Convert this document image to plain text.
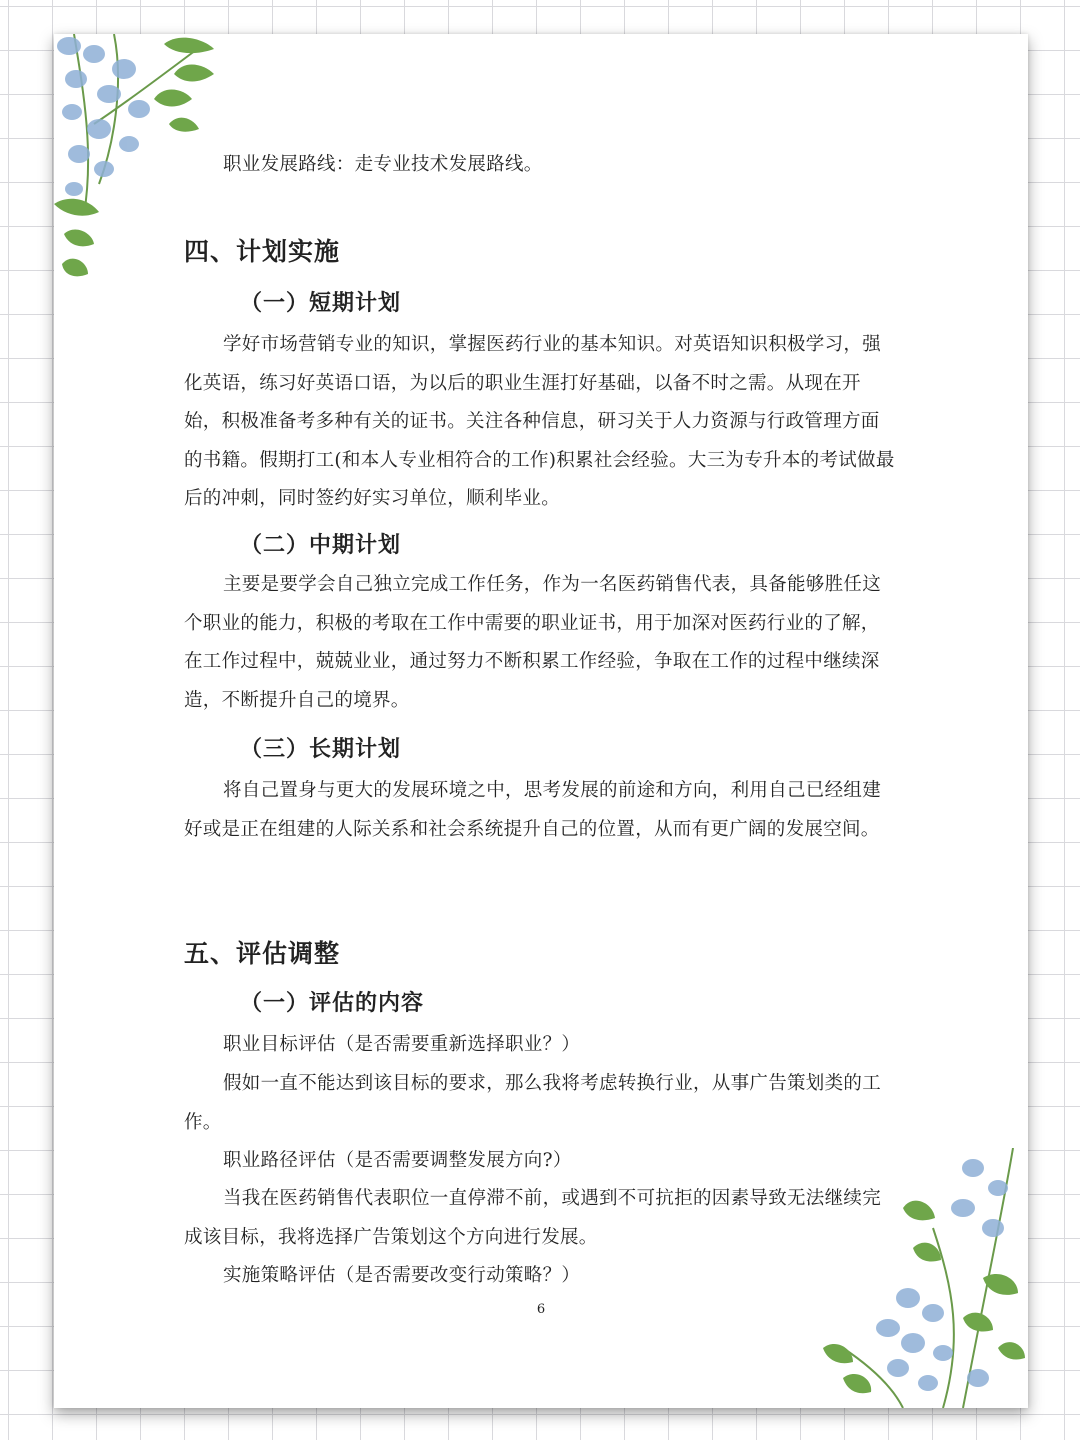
职业发展路线：走专业技术发展路线。

四、计划实施
（一）短期计划

学好市场营销专业的知识，掌握医药行业的基本知识。对英语知识积极学习，强化英语，练习好英语口语，为以后的职业生涯打好基础，以备不时之需。从现在开始，积极准备考多种有关的证书。关注各种信息，研习关于人力资源与行政管理方面的书籍。假期打工(和本人专业相符合的工作)积累社会经验。大三为专升本的考试做最后的冲刺，同时签约好实习单位，顺利毕业。

（二）中期计划

主要是要学会自己独立完成工作任务，作为一名医药销售代表，具备能够胜任这个职业的能力，积极的考取在工作中需要的职业证书，用于加深对医药行业的了解，在工作过程中，兢兢业业，通过努力不断积累工作经验，争取在工作的过程中继续深造，不断提升自己的境界。

（三）长期计划

将自己置身与更大的发展环境之中，思考发展的前途和方向，利用自己已经组建好或是正在组建的人际关系和社会系统提升自己的位置，从而有更广阔的发展空间。

五、评估调整
（一）评估的内容

职业目标评估（是否需要重新选择职业？）

假如一直不能达到该目标的要求，那么我将考虑转换行业，从事广告策划类的工作。

职业路径评估（是否需要调整发展方向?）

当我在医药销售代表职位一直停滞不前，或遇到不可抗拒的因素导致无法继续完成该目标，我将选择广告策划这个方向进行发展。

实施策略评估（是否需要改变行动策略？）

6
